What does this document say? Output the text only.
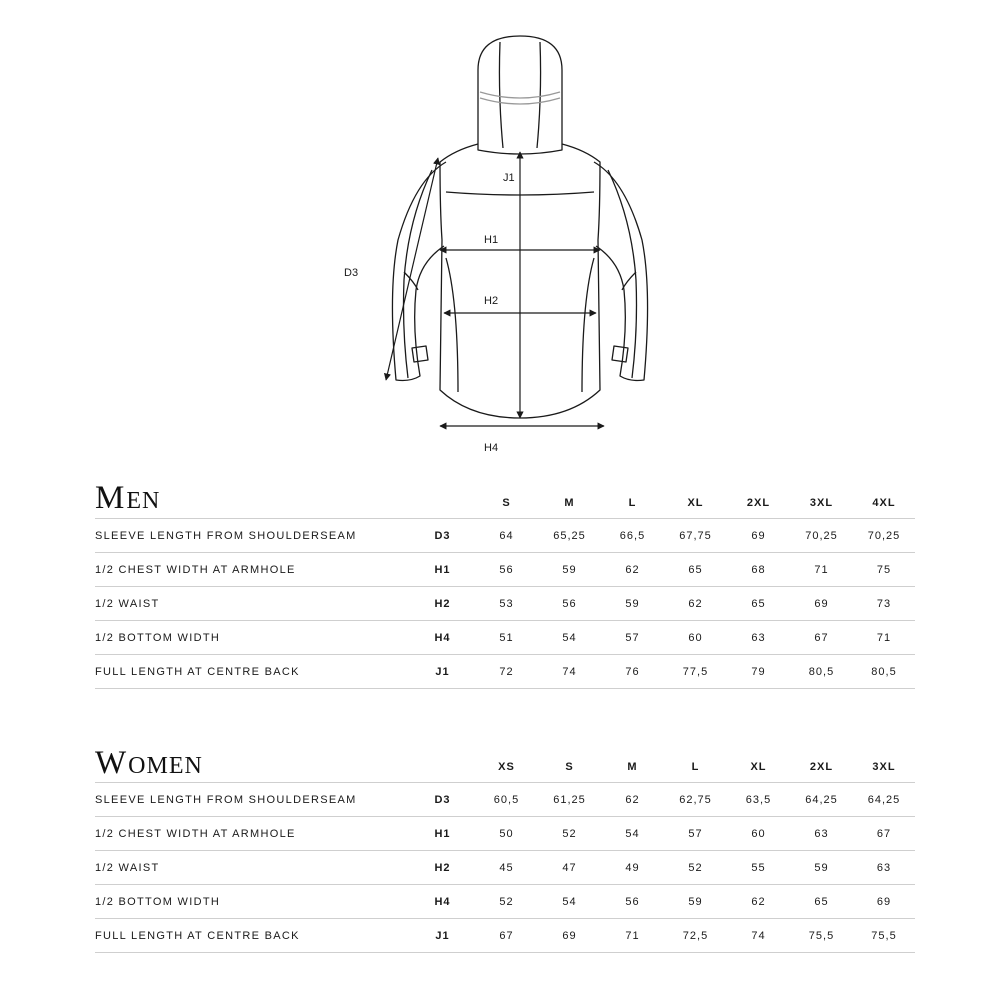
D3
J1
H1
H2
H4
MEN
			S	M	L	XL	2XL	3XL	4XL
SLEEVE LENGTH FROM SHOULDERSEAM	D3	64	65,25	66,5	67,75	69	70,25	70,25
1/2 CHEST WIDTH AT ARMHOLE	H1	56	59	62	65	68	71	75
1/2 WAIST	H2	53	56	59	62	65	69	73
1/2 BOTTOM WIDTH	H4	51	54	57	60	63	67	71
FULL LENGTH AT CENTRE BACK	J1	72	74	76	77,5	79	80,5	80,5
WOMEN
			XS	S	M	L	XL	2XL	3XL
SLEEVE LENGTH FROM SHOULDERSEAM	D3	60,5	61,25	62	62,75	63,5	64,25	64,25
1/2 CHEST WIDTH AT ARMHOLE	H1	50	52	54	57	60	63	67
1/2 WAIST	H2	45	47	49	52	55	59	63
1/2 BOTTOM WIDTH	H4	52	54	56	59	62	65	69
FULL LENGTH AT CENTRE BACK	J1	67	69	71	72,5	74	75,5	75,5
